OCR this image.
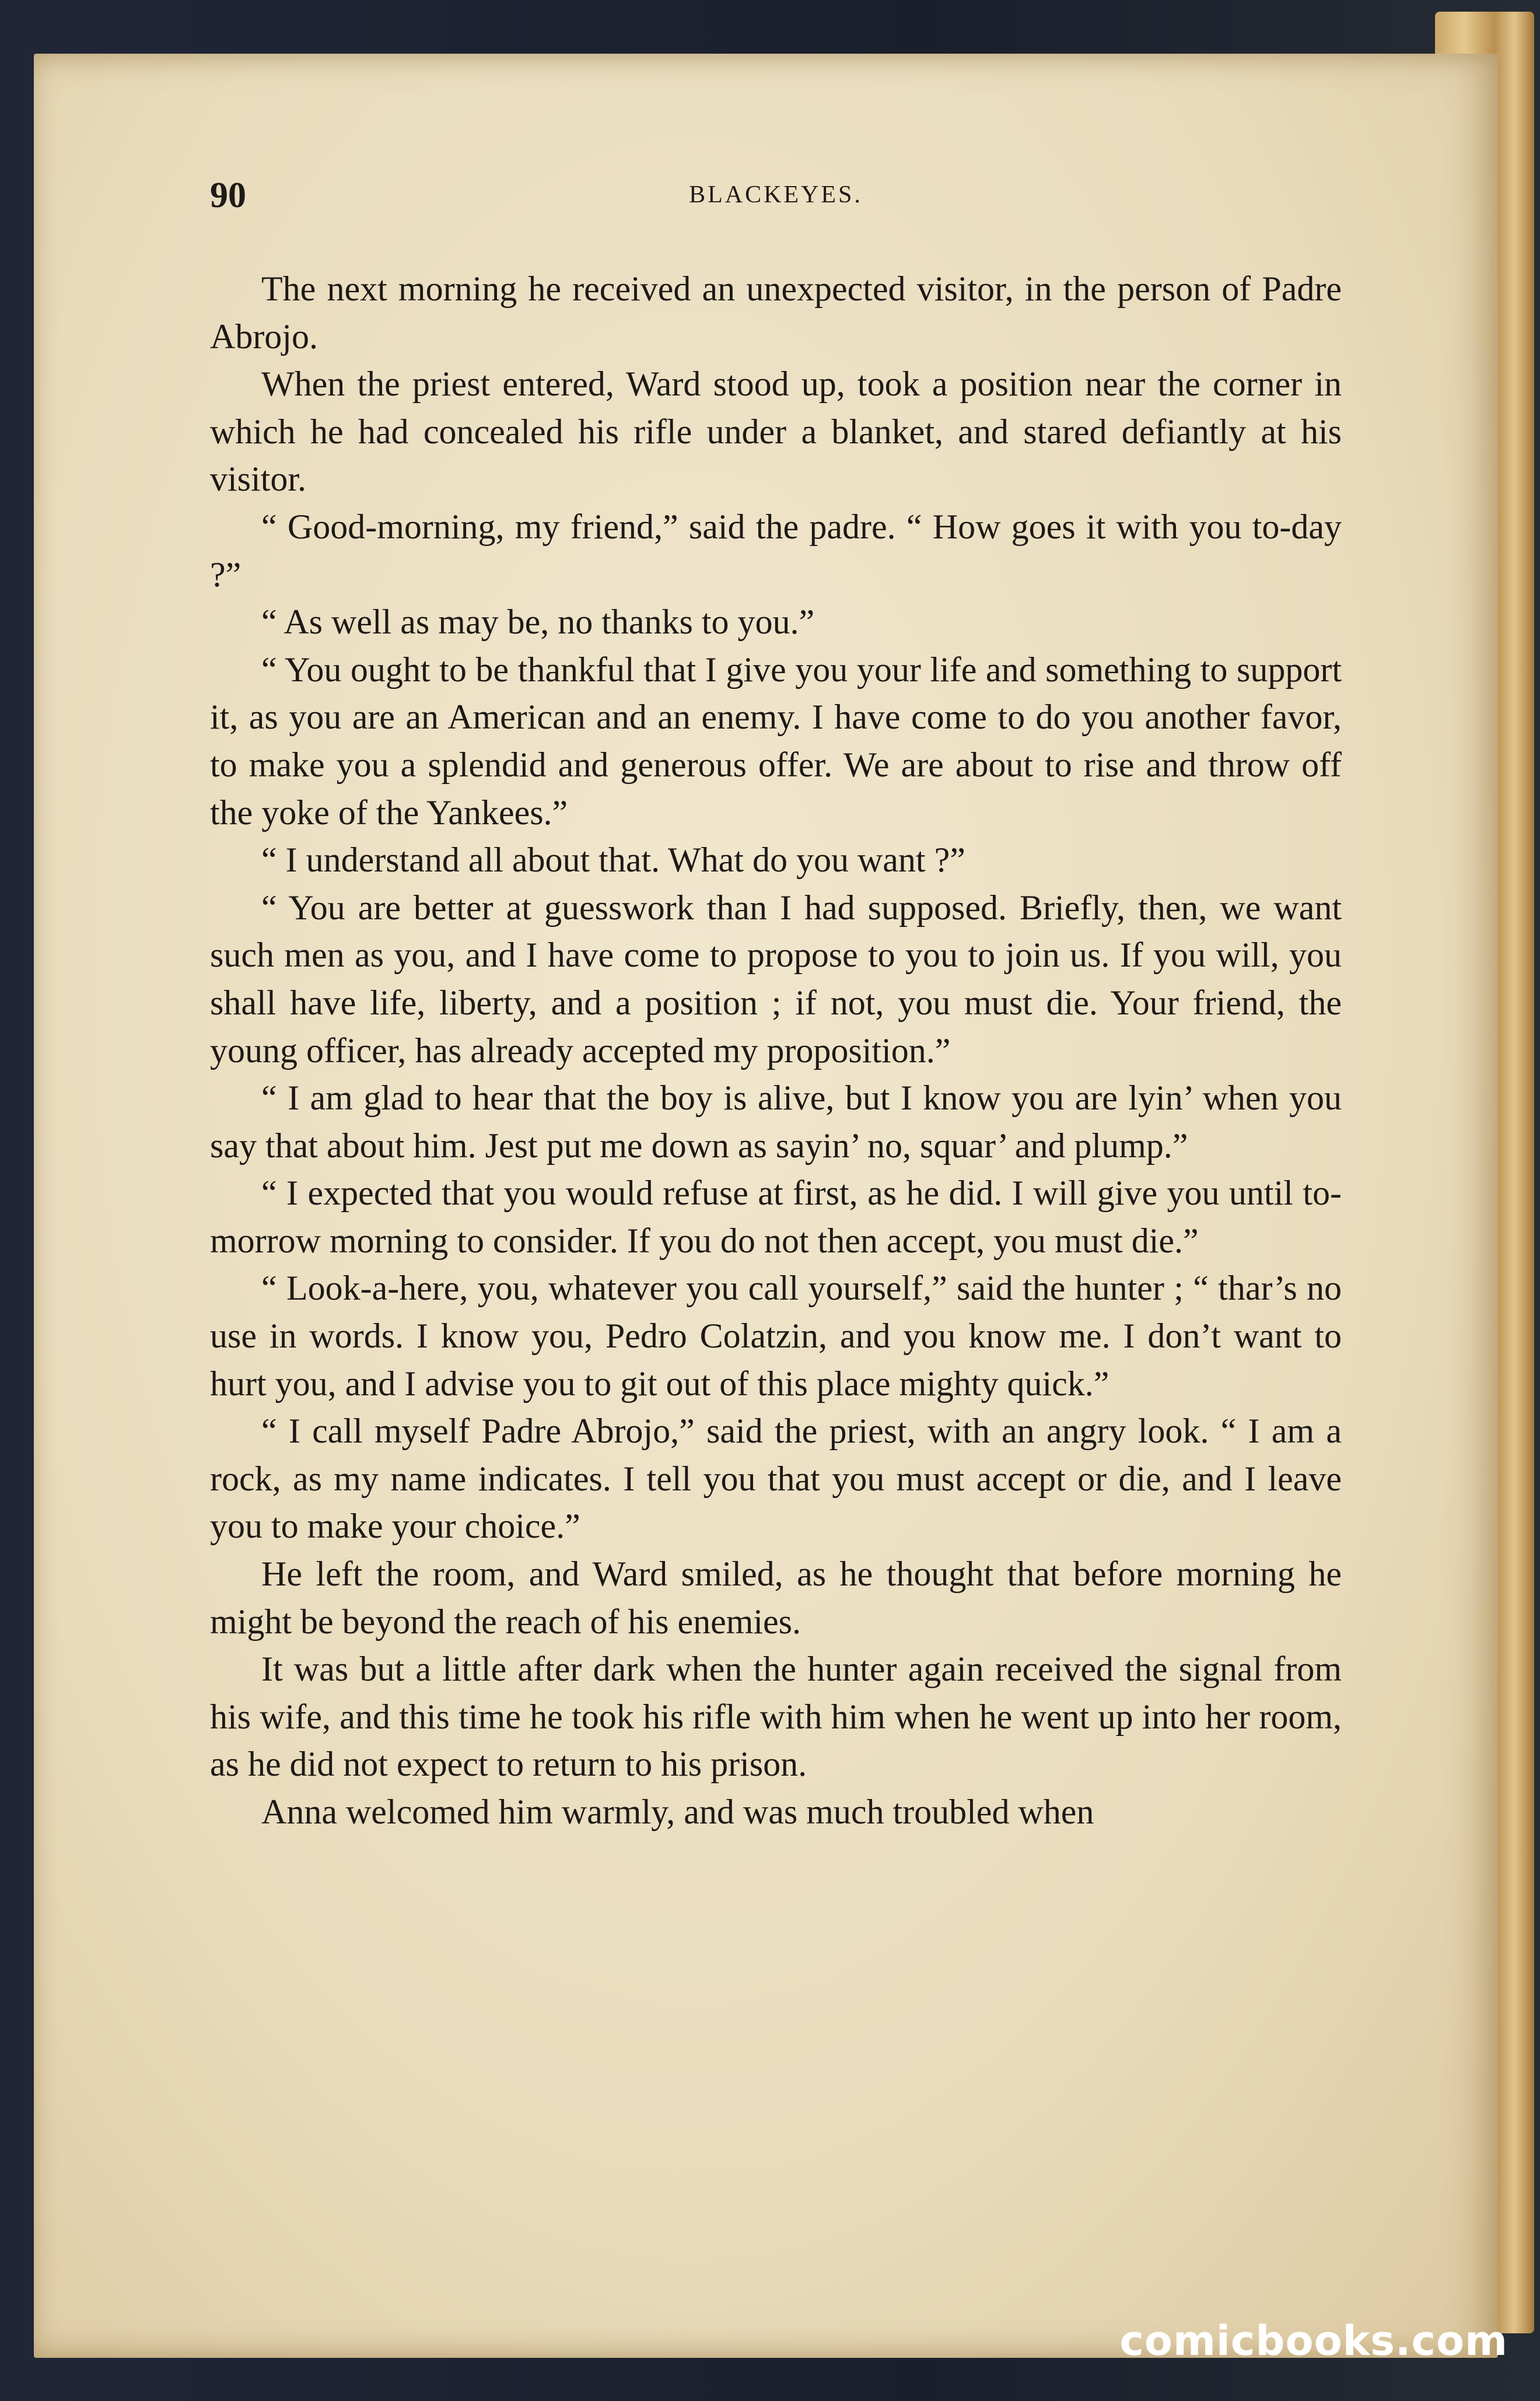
90	BLACKEYES.

The next morning he received an unexpected visitor, in the person of Padre Abrojo.

When the priest entered, Ward stood up, took a position near the corner in which he had concealed his rifle under a blanket, and stared defiantly at his visitor.

“ Good-morning, my friend,” said the padre. “ How goes it with you to-day ?”

“ As well as may be, no thanks to you.”

“ You ought to be thankful that I give you your life and something to support it, as you are an American and an enemy. I have come to do you another favor, to make you a splendid and generous offer. We are about to rise and throw off the yoke of the Yankees.”

“ I understand all about that. What do you want ?”

“ You are better at guesswork than I had supposed. Briefly, then, we want such men as you, and I have come to propose to you to join us. If you will, you shall have life, liberty, and a position ; if not, you must die. Your friend, the young officer, has already accepted my proposition.”

“ I am glad to hear that the boy is alive, but I know you are lyin’ when you say that about him. Jest put me down as sayin’ no, squar’ and plump.”

“ I expected that you would refuse at first, as he did. I will give you until to-morrow morning to consider. If you do not then accept, you must die.”

“ Look-a-here, you, whatever you call yourself,” said the hunter ; “ thar’s no use in words. I know you, Pedro Colatzin, and you know me. I don’t want to hurt you, and I advise you to git out of this place mighty quick.”

“ I call myself Padre Abrojo,” said the priest, with an angry look. “ I am a rock, as my name indicates. I tell you that you must accept or die, and I leave you to make your choice.”

He left the room, and Ward smiled, as he thought that before morning he might be beyond the reach of his enemies.

It was but a little after dark when the hunter again received the signal from his wife, and this time he took his rifle with him when he went up into her room, as he did not expect to return to his prison.

Anna welcomed him warmly, and was much troubled when

comicbooks.com
